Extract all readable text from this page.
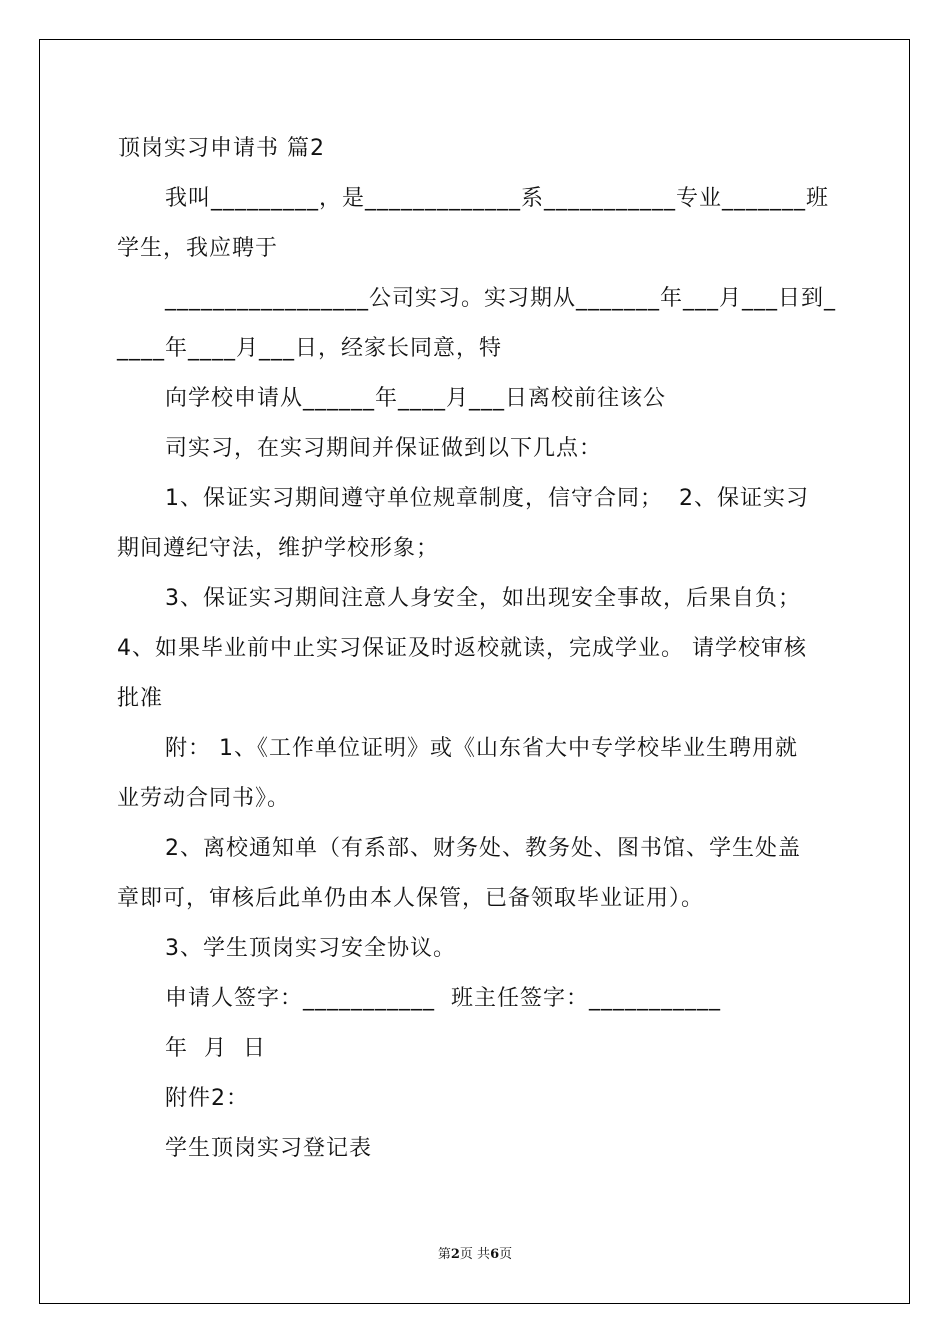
顶岗实习申请书 篇2
我叫_________，是_____________系___________专业_______班
学生，我应聘于
_________________公司实习。实习期从_______年___月___日到_
____年____月___日，经家长同意，特
向学校申请从______年____月___日离校前往该公
司实习，在实习期间并保证做到以下几点：
1、保证实习期间遵守单位规章制度，信守合同；  2、保证实习
期间遵纪守法，维护学校形象；
3、保证实习期间注意人身安全，如出现安全事故，后果自负；
4、如果毕业前中止实习保证及时返校就读，完成学业。 请学校审核
批准
附： 1、《工作单位证明》或《山东省大中专学校毕业生聘用就
业劳动合同书》。
2、离校通知单（有系部、财务处、教务处、图书馆、学生处盖
章即可，审核后此单仍由本人保管，已备领取毕业证用）。
3、学生顶岗实习安全协议。
申请人签字：___________  班主任签字：___________
年  月  日
附件2：
学生顶岗实习登记表
第2页 共6页
